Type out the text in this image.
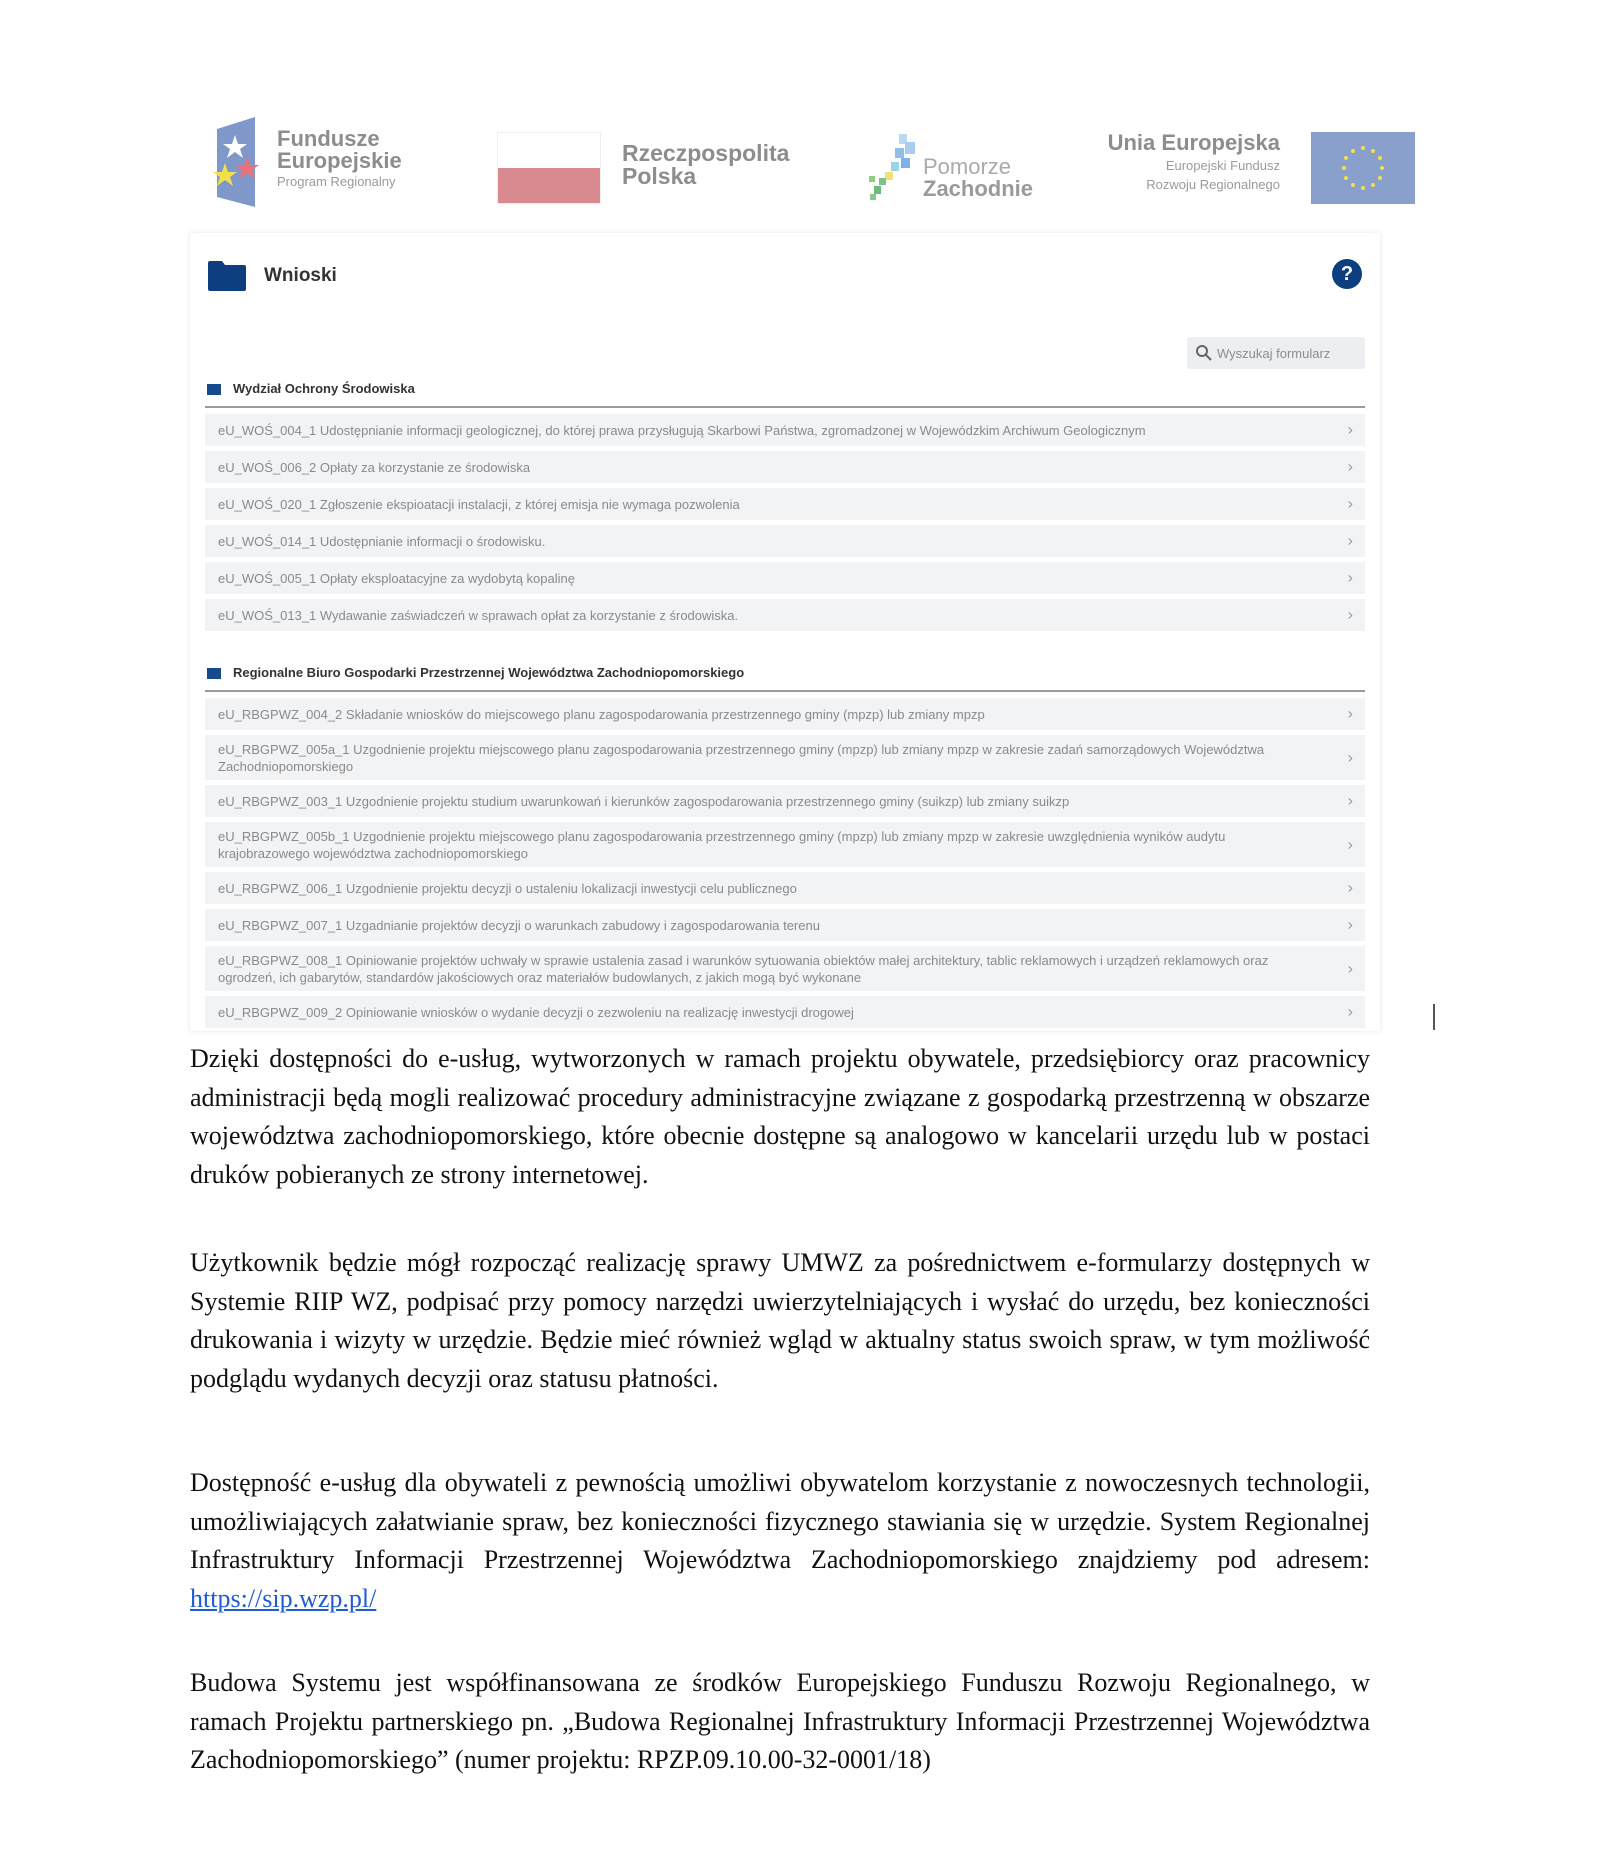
Fundusze
Europejskie
Program Regionalny
Rzeczpospolita
Polska	Pomorze
Zachodnie
Unia Europejska
Europejski Fundusz
Rozwoju Regionalnego
Wnioski	?
Wyszukaj formularz
Wydział Ochrony Środowiska
eU_WOŚ_004_1 Udostępnianie informacji geologicznej, do której prawa przysługują Skarbowi Państwa, zgromadzonej w Wojewódzkim Archiwum Geologicznym	›
eU_WOŚ_006_2 Opłaty za korzystanie ze środowiska	›
eU_WOŚ_020_1 Zgłoszenie ekspioatacji instalacji, z której emisja nie wymaga pozwolenia	›
eU_WOŚ_014_1 Udostępnianie informacji o środowisku.	›
eU_WOŚ_005_1 Opłaty eksploatacyjne za wydobytą kopalinę	›
eU_WOŚ_013_1 Wydawanie zaświadczeń w sprawach opłat za korzystanie z środowiska.	›
Regionalne Biuro Gospodarki Przestrzennej Województwa Zachodniopomorskiego
eU_RBGPWZ_004_2 Składanie wniosków do miejscowego planu zagospodarowania przestrzennego gminy (mpzp) lub zmiany mpzp	›
eU_RBGPWZ_005a_1 Uzgodnienie projektu miejscowego planu zagospodarowania przestrzennego gminy (mpzp) lub zmiany mpzp w zakresie zadań samorządowych Województwa Zachodniopomorskiego	›
eU_RBGPWZ_003_1 Uzgodnienie projektu studium uwarunkowań i kierunków zagospodarowania przestrzennego gminy (suikzp) lub zmiany suikzp	›
eU_RBGPWZ_005b_1 Uzgodnienie projektu miejscowego planu zagospodarowania przestrzennego gminy (mpzp) lub zmiany mpzp w zakresie uwzględnienia wyników audytu krajobrazowego województwa zachodniopomorskiego	›
eU_RBGPWZ_006_1 Uzgodnienie projektu decyzji o ustaleniu lokalizacji inwestycji celu publicznego	›
eU_RBGPWZ_007_1 Uzgadnianie projektów decyzji o warunkach zabudowy i zagospodarowania terenu	›
eU_RBGPWZ_008_1 Opiniowanie projektów uchwały w sprawie ustalenia zasad i warunków sytuowania obiektów małej architektury, tablic reklamowych i urządzeń reklamowych oraz ogrodzeń, ich gabarytów, standardów jakościowych oraz materiałów budowlanych, z jakich mogą być wykonane	›
eU_RBGPWZ_009_2 Opiniowanie wniosków o wydanie decyzji o zezwoleniu na realizację inwestycji drogowej	›

Dzięki dostępności do e-usług, wytworzonych w ramach projektu obywatele, przedsiębiorcy oraz pracownicy administracji będą mogli realizować procedury administracyjne związane z gospodarką przestrzenną w obszarze województwa zachodniopomorskiego, które obecnie dostępne są analogowo w kancelarii urzędu lub w postaci druków pobieranych ze strony internetowej.

Użytkownik będzie mógł rozpocząć realizację sprawy UMWZ za pośrednictwem e-formularzy dostępnych w Systemie RIIP WZ, podpisać przy pomocy narzędzi uwierzytelniających i wysłać do urzędu, bez konieczności drukowania i wizyty w urzędzie. Będzie mieć również wgląd w aktualny status swoich spraw, w tym możliwość podglądu wydanych decyzji oraz statusu płatności.

Dostępność e-usług dla obywateli z pewnością umożliwi obywatelom korzystanie z nowoczesnych technologii, umożliwiających załatwianie spraw, bez konieczności fizycznego stawiania się w urzędzie. System Regionalnej Infrastruktury Informacji Przestrzennej Województwa Zachodniopomorskiego znajdziemy pod adresem: https://sip.wzp.pl/

Budowa Systemu jest współfinansowana ze środków Europejskiego Funduszu Rozwoju Regionalnego, w ramach Projektu partnerskiego pn. „Budowa Regionalnej Infrastruktury Informacji Przestrzennej Województwa Zachodniopomorskiego” (numer projektu: RPZP.09.10.00-32-0001/18)
